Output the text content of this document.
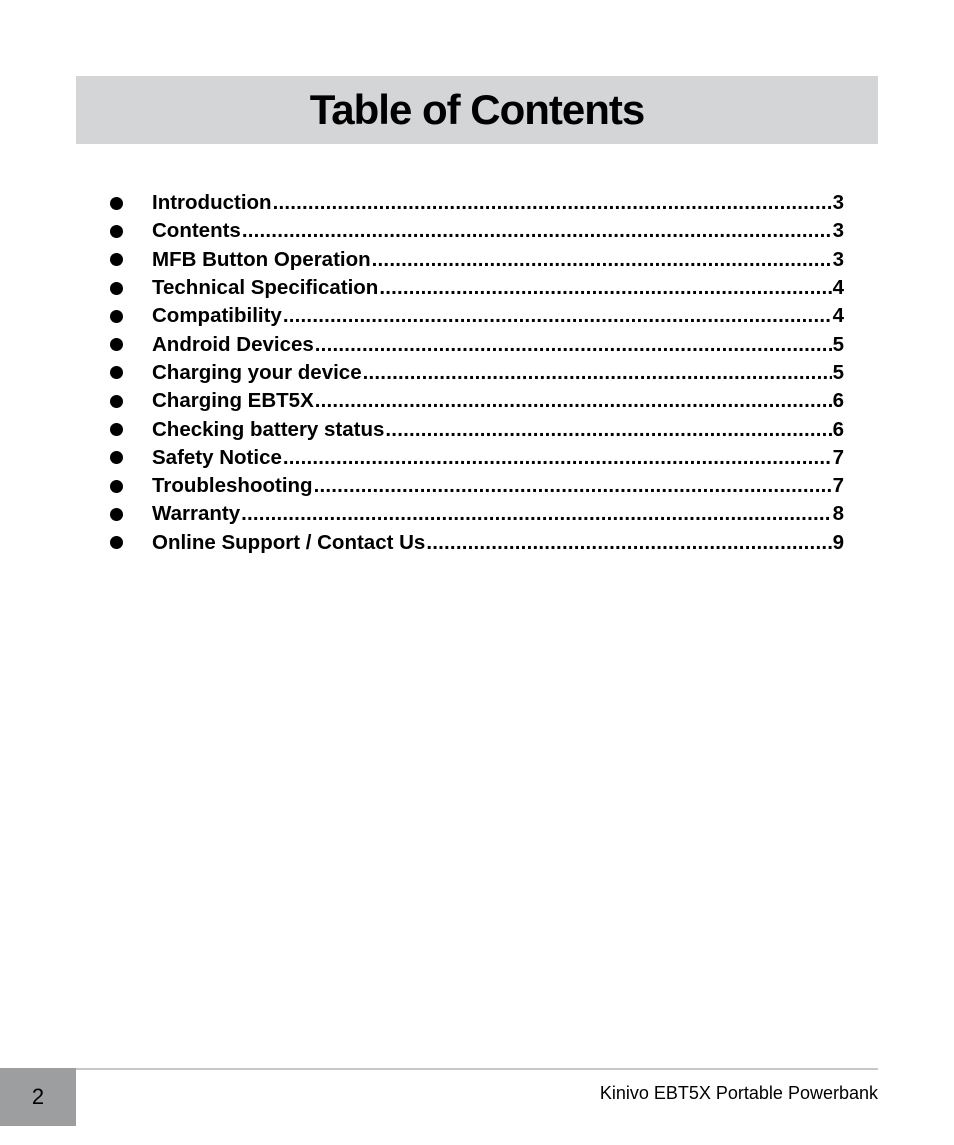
Table of Contents
Introduction .....	3
Contents .....	3
MFB Button Operation .....	3
Technical Specification .....	4
Compatibility .....	4
Android Devices .....	5
Charging your device .....	5
Charging EBT5X .....	6
Checking battery status .....	6
Safety Notice .....	7
Troubleshooting .....	7
Warranty .....	8
Online Support / Contact Us .....	9
2	Kinivo EBT5X Portable Powerbank
